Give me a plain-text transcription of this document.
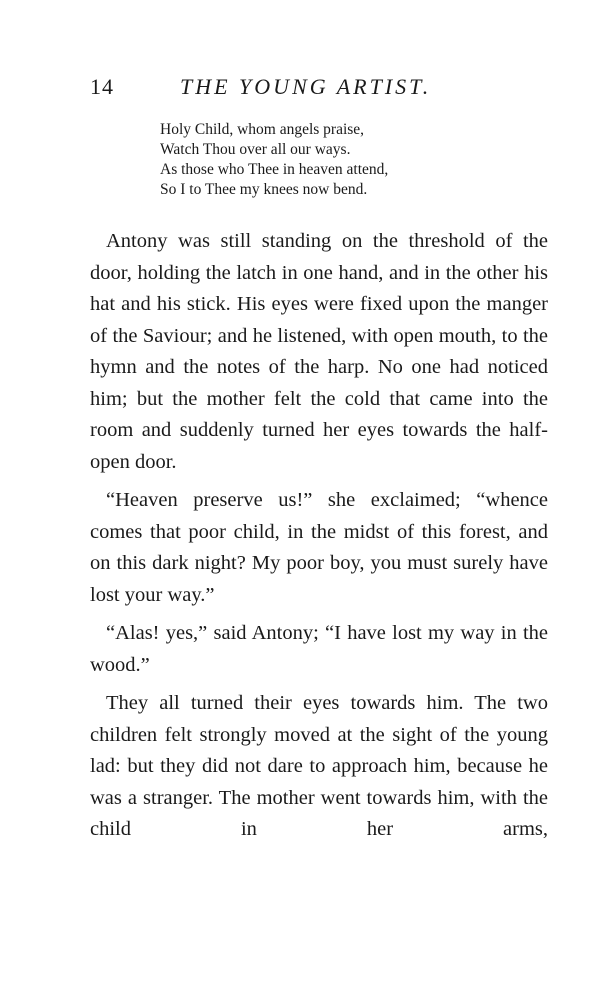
14	THE YOUNG ARTIST.
Holy Child, whom angels praise,
Watch Thou over all our ways.
As those who Thee in heaven attend,
So I to Thee my knees now bend.

Antony was still standing on the threshold of the door, holding the latch in one hand, and in the other his hat and his stick. His eyes were fixed upon the manger of the Saviour; and he listened, with open mouth, to the hymn and the notes of the harp. No one had noticed him; but the mother felt the cold that came into the room and suddenly turned her eyes towards the half-open door.

“Heaven preserve us!” she exclaimed; “whence comes that poor child, in the midst of this forest, and on this dark night? My poor boy, you must surely have lost your way.”

“Alas! yes,” said Antony; “I have lost my way in the wood.”

They all turned their eyes towards him. The two children felt strongly moved at the sight of the young lad: but they did not dare to approach him, because he was a stranger. The mother went towards him, with the child in her arms,
